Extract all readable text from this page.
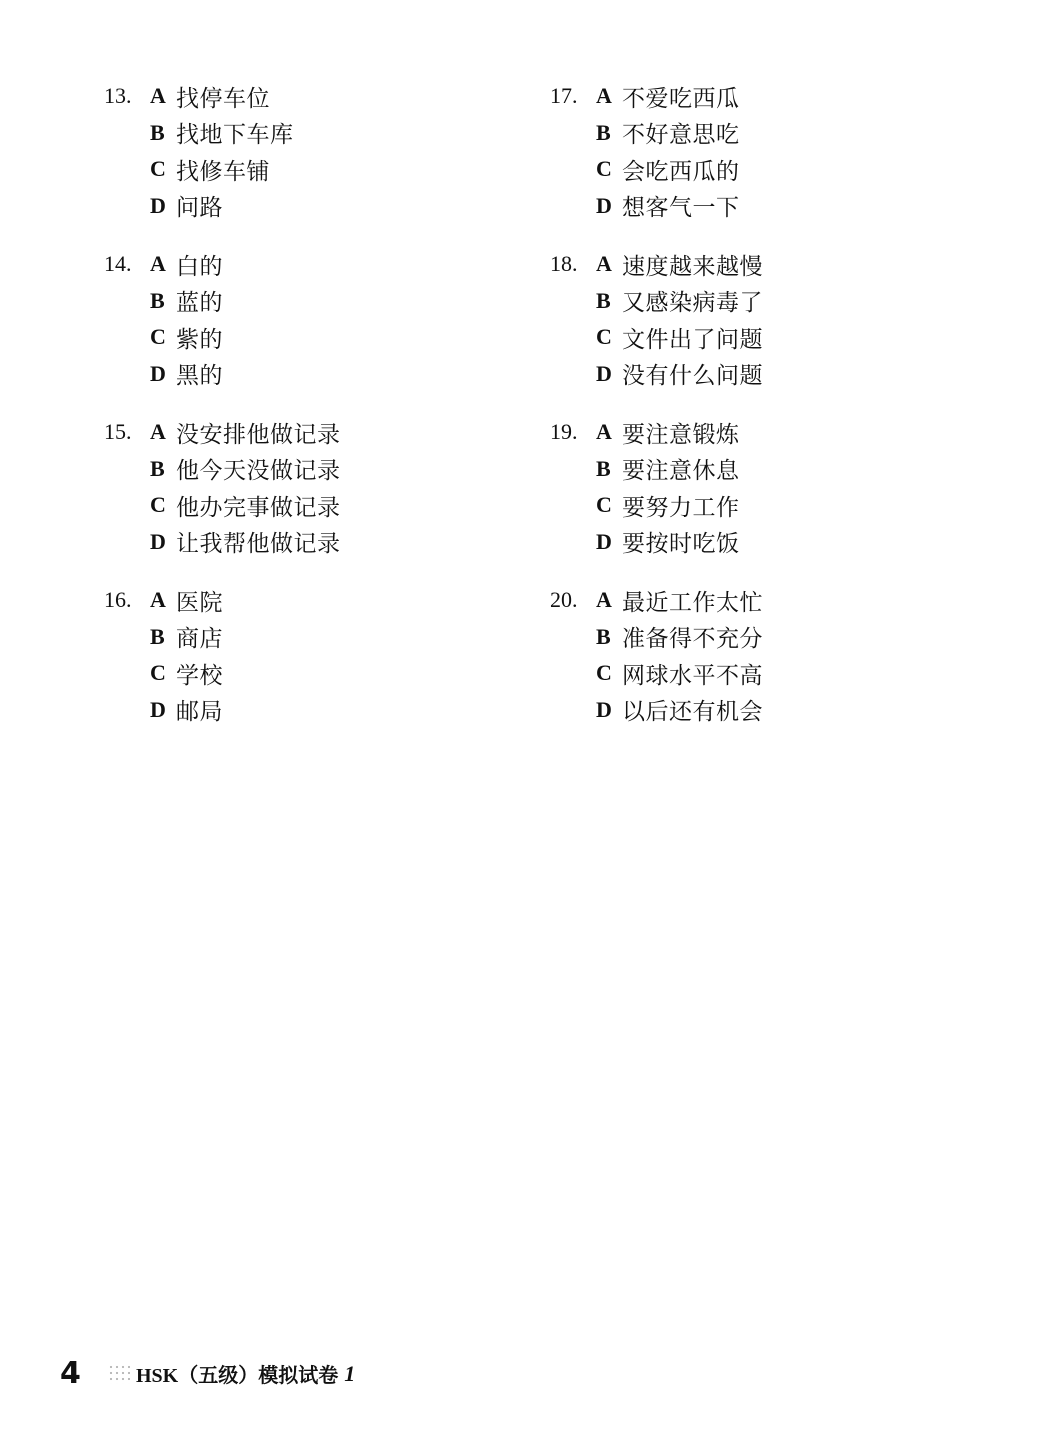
13. A 找停车位
B 找地下车库
C 找修车铺
D 问路
14. A 白的
B 蓝的
C 紫的
D 黑的
15. A 没安排他做记录
B 他今天没做记录
C 他办完事做记录
D 让我帮他做记录
16. A 医院
B 商店
C 学校
D 邮局
17. A 不爱吃西瓜
B 不好意思吃
C 会吃西瓜的
D 想客气一下
18. A 速度越来越慢
B 又感染病毒了
C 文件出了问题
D 没有什么问题
19. A 要注意锻炼
B 要注意休息
C 要努力工作
D 要按时吃饭
20. A 最近工作太忙
B 准备得不充分
C 网球水平不高
D 以后还有机会
4	HSK（五级）模拟试卷 1
